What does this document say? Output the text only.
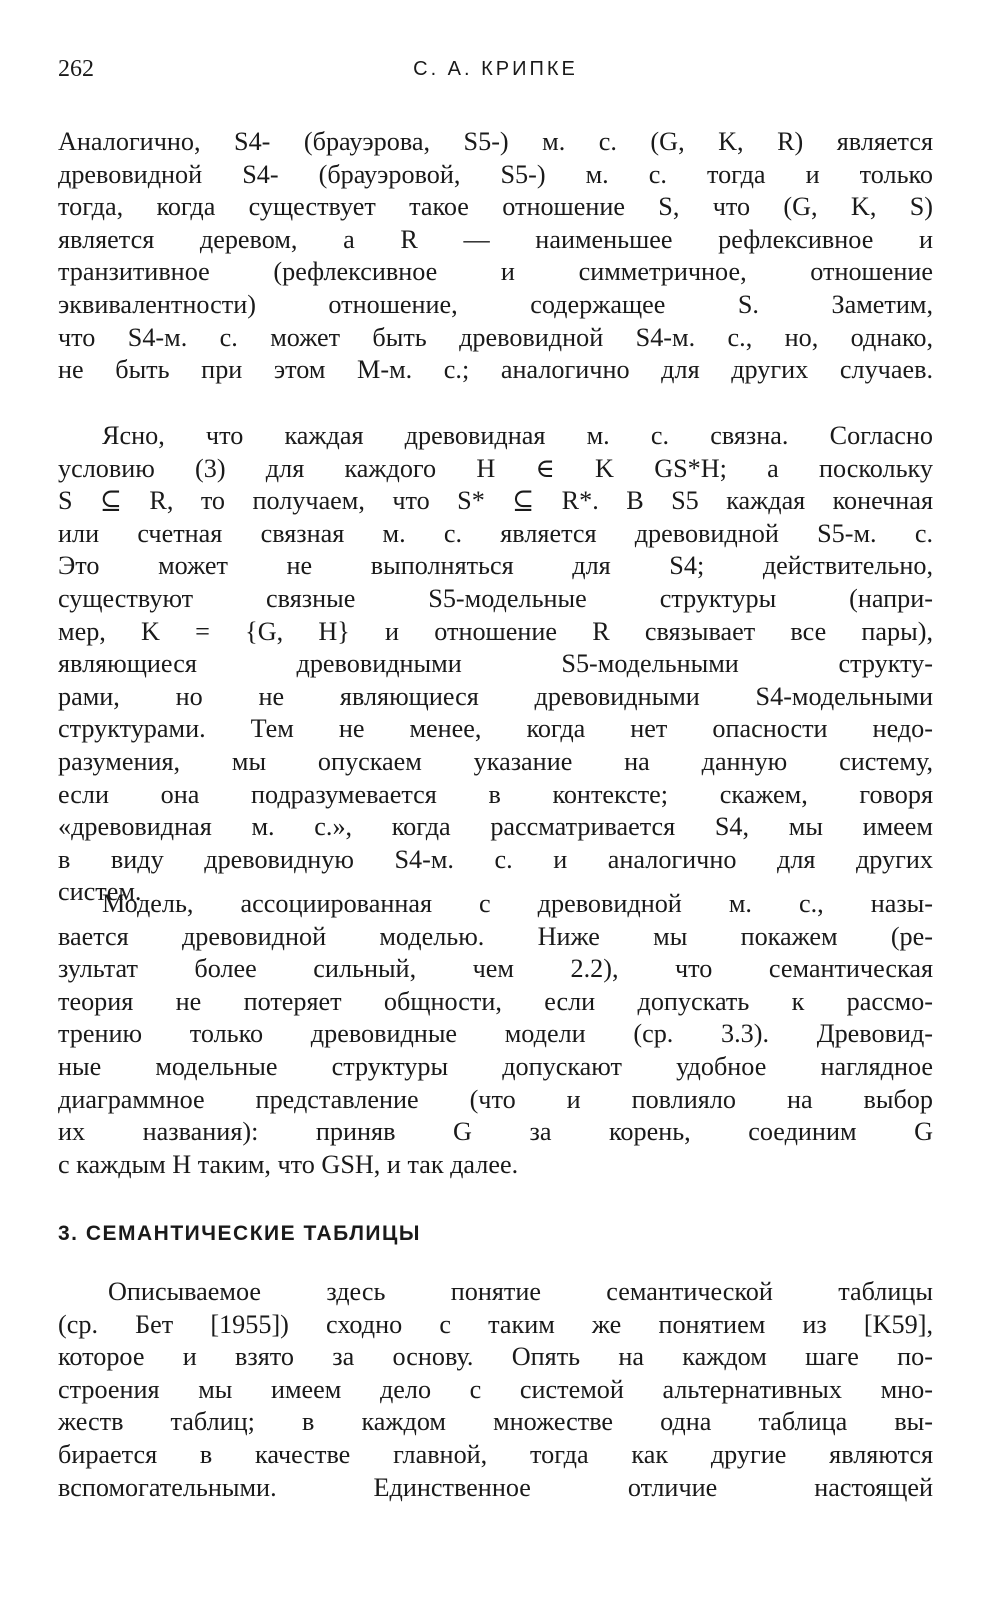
262	С. А. КРИПКЕ
Аналогично, S4- (брауэрова, S5-) м. с. (G, K, R) является
древовидной S4- (брауэровой, S5-) м. с. тогда и только
тогда, когда существует такое отношение S, что (G, K, S)
является деревом, а R — наименьшее рефлексивное и
транзитивное (рефлексивное и симметричное, отношение
эквивалентности) отношение, содержащее S. Заметим,
что S4-м. с. может быть древовидной S4-м. с., но, однако,
не быть при этом M-м. с.; аналогично для других случаев.
Ясно, что каждая древовидная м. с. связна. Согласно
условию (3) для каждого H ∈ K GS*H; а поскольку
S ⊆ R, то получаем, что S* ⊆ R*. В S5 каждая конечная
или счетная связная м. с. является древовидной S5-м. с.
Это может не выполняться для S4; действительно,
существуют связные S5-модельные структуры (напри-
мер, K = {G, H} и отношение R связывает все пары),
являющиеся древовидными S5-модельными структу-
рами, но не являющиеся древовидными S4-модельными
структурами. Тем не менее, когда нет опасности недо-
разумения, мы опускаем указание на данную систему,
если она подразумевается в контексте; скажем, говоря
«древовидная м. с.», когда рассматривается S4, мы имеем
в виду древовидную S4-м. с. и аналогично для других
систем.
Модель, ассоциированная с древовидной м. с., назы-
вается древовидной моделью. Ниже мы покажем (ре-
зультат более сильный, чем 2.2), что семантическая
теория не потеряет общности, если допускать к рассмо-
трению только древовидные модели (ср. 3.3). Древовид-
ные модельные структуры допускают удобное наглядное
диаграммное представление (что и повлияло на выбор
их названия): приняв G за корень, соединим G
с каждым H таким, что GSH, и так далее.
3. СЕМАНТИЧЕСКИЕ ТАБЛИЦЫ
Описываемое здесь понятие семантической таблицы
(ср. Бет [1955]) сходно с таким же понятием из [K59],
которое и взято за основу. Опять на каждом шаге по-
строения мы имеем дело с системой альтернативных мно-
жеств таблиц; в каждом множестве одна таблица вы-
бирается в качестве главной, тогда как другие являются
вспомогательными. Единственное отличие настоящей
